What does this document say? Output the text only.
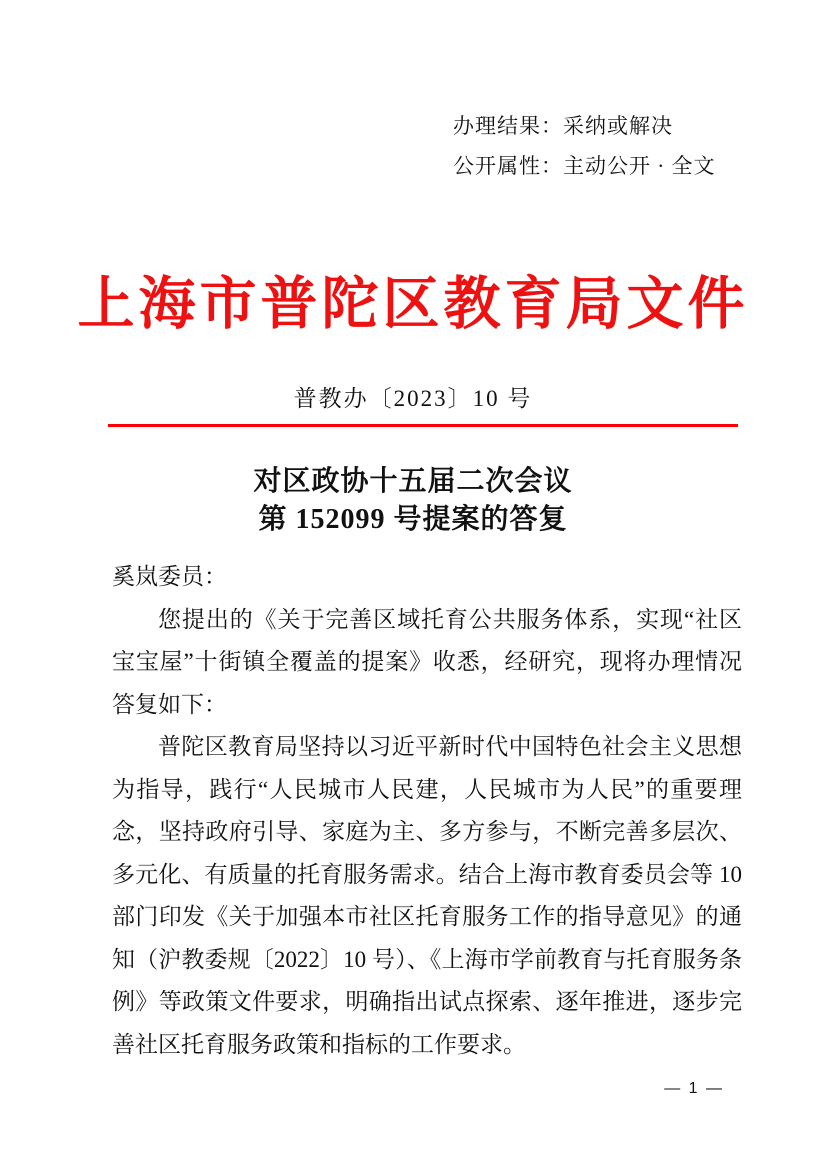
办理结果：采纳或解决
公开属性：主动公开 · 全文
上海市普陀区教育局文件
普教办〔2023〕10 号
对区政协十五届二次会议
第 152099 号提案的答复

奚岚委员：

您提出的《关于完善区域托育公共服务体系，实现“社区宝宝屋”十街镇全覆盖的提案》收悉，经研究，现将办理情况答复如下：

普陀区教育局坚持以习近平新时代中国特色社会主义思想为指导，践行“人民城市人民建，人民城市为人民”的重要理念，坚持政府引导、家庭为主、多方参与，不断完善多层次、多元化、有质量的托育服务需求。结合上海市教育委员会等 10 部门印发《关于加强本市社区托育服务工作的指导意见》的通知（沪教委规〔2022〕10 号）、《上海市学前教育与托育服务条例》等政策文件要求，明确指出试点探索、逐年推进，逐步完善社区托育服务政策和指标的工作要求。

— 1 —
